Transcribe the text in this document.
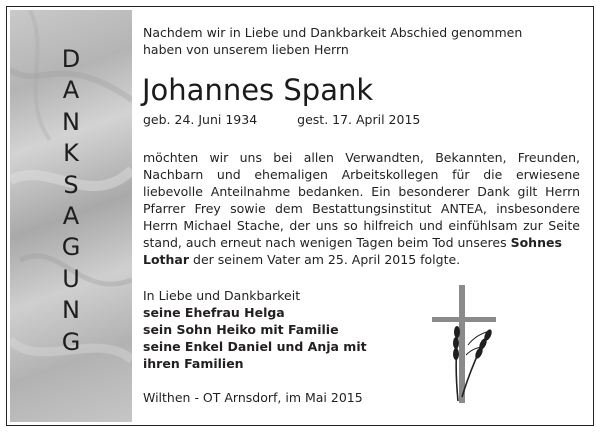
D
A
N
K
S
A
G
U
N
G
Nachdem wir in Liebe und Dankbarkeit Abschied genommen
haben von unserem lieben Herrn
Johannes Spank
geb. 24. Juni 1934	gest. 17. April 2015
möchten wir uns bei allen Verwandten, Bekannten, Freunden, Nachbarn und ehemaligen Arbeitskollegen für die erwiesene liebevolle Anteilnahme bedanken. Ein besonderer Dank gilt Herrn Pfarrer Frey sowie dem Bestattungsinstitut ANTEA, insbesondere Herrn Michael Stache, der uns so hilfreich und einfühlsam zur Seite stand, auch erneut nach wenigen Tagen beim Tod unseres Sohnes
Lothar der seinem Vater am 25. April 2015 folgte.
In Liebe und Dankbarkeit
seine Ehefrau Helga
sein Sohn Heiko mit Familie
seine Enkel Daniel und Anja mit
ihren Familien
Wilthen - OT Arnsdorf, im Mai 2015
